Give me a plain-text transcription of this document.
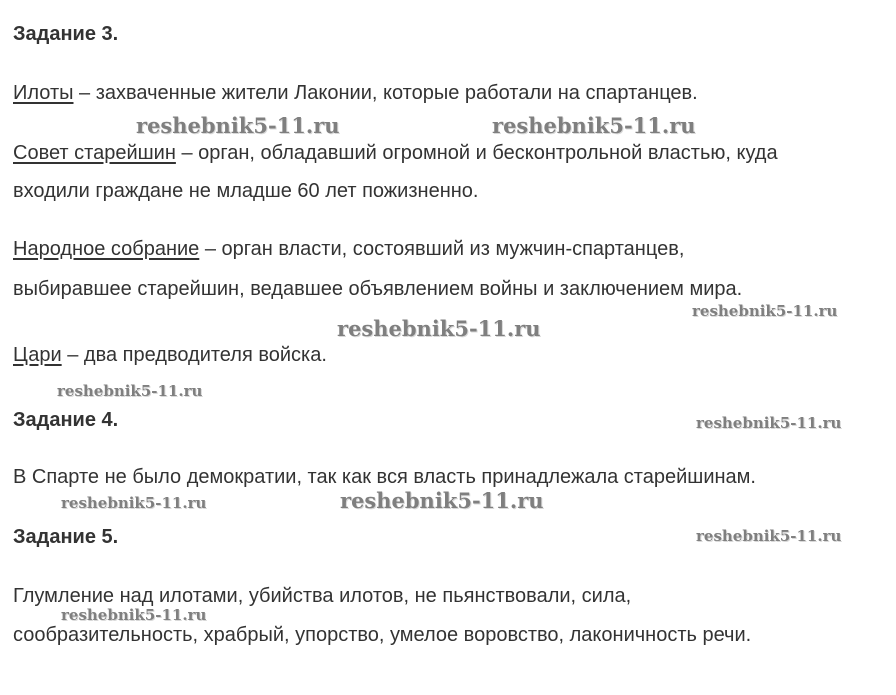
Задание 3.
Илоты – захваченные жители Лаконии, которые работали на спартанцев.
Совет старейшин – орган, обладавший огромной и бесконтрольной властью, куда
входили граждане не младше 60 лет пожизненно.
Народное собрание – орган власти, состоявший из мужчин-спартанцев,
выбиравшее старейшин, ведавшее объявлением войны и заключением мира.
Цари – два предводителя войска.
Задание 4.
В Спарте не было демократии, так как вся власть принадлежала старейшинам.
Задание 5.
Глумление над илотами, убийства илотов, не пьянствовали, сила,
сообразительность, храбрый, упорство, умелое воровство, лаконичность речи.
reshebnik5-11.ru	reshebnik5-11.ru
reshebnik5-11.ru
reshebnik5-11.ru
reshebnik5-11.ru
reshebnik5-11.ru
reshebnik5-11.ru	reshebnik5-11.ru
reshebnik5-11.ru
reshebnik5-11.ru
